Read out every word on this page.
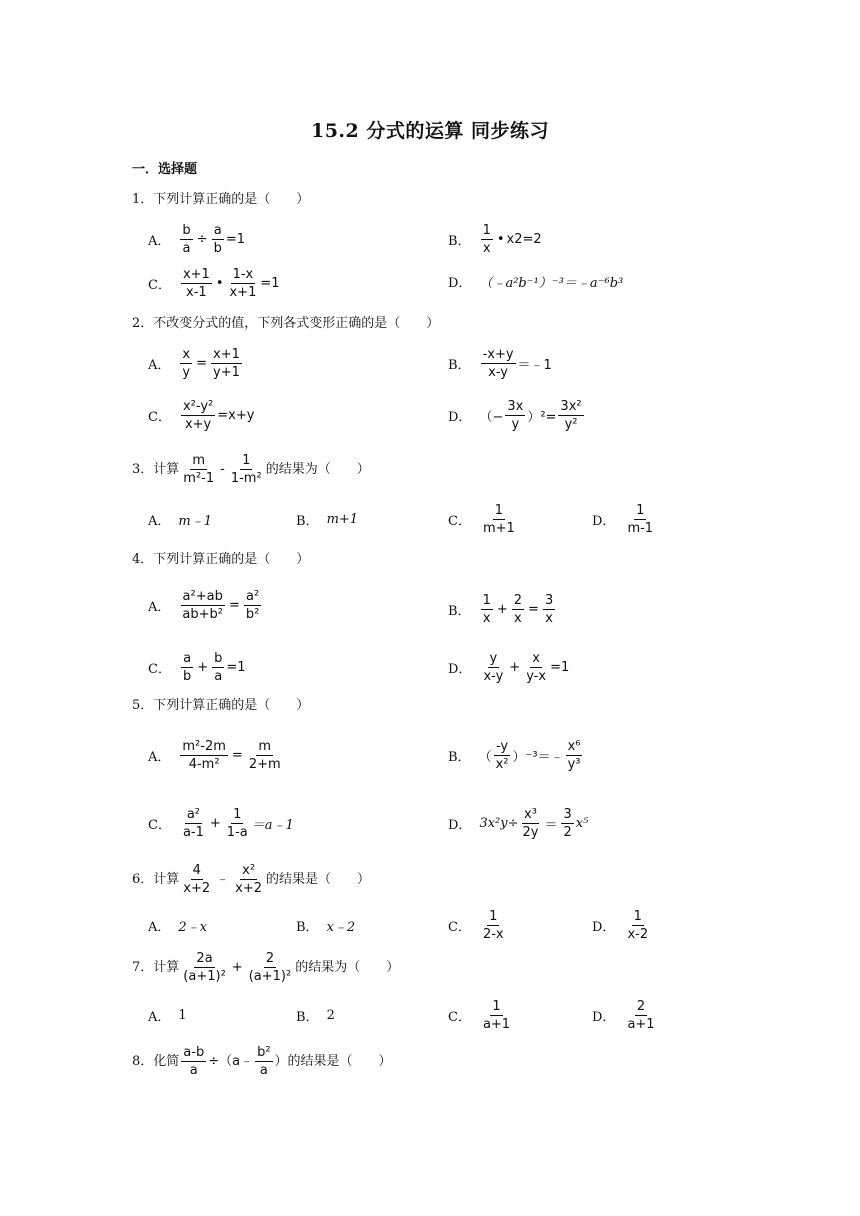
15.2 分式的运算 同步练习
一．选择题
1．下列计算正确的是（　　）
A． $\frac{b}{a} \div \frac{a}{b} =1$	B． $\frac{1}{x}$ • x 2 =2
C． $\frac{x+1}{x-1}$ • $\frac{1-x}{x+1} =1$	D． （﹣a²b⁻¹）⁻³＝﹣a⁻⁶b³
2．不改变分式的值，下列各式变形正确的是（　　）
A． $\frac{x}{y} = \frac{x+1}{y+1}$	B． $\frac{-x+y}{x-y}$ ＝﹣1
C． $\frac{\text{x²-y²}}{x+y} =x+y$	D． （− $\frac{3x}{y} )^2= \frac{\text{3x²}}{\text{y²}}$
3． 计算 $\frac{m}{\text{m²-1}} - \frac{1}{\text{1-m²}}$ 的结果为（　　）
A． m﹣1	B． m+1	C． $\frac{1}{m+1}$	D． $\frac{1}{m-1}$
4．下列计算正确的是（　　）
A． $\frac{\text{a²+ab}}{\text{ab+b²}} = \frac{\text{a²}}{\text{b²}}$	B． $\frac{1}{x} + \frac{2}{x} = \frac{3}{x}$
C． $\frac{a}{b} + \frac{b}{a} =1$	D． $\frac{y}{x-y} + \frac{x}{y-x} =1$
5．下列计算正确的是（　　）
A． $\frac{\text{m²-2m}}{\text{4-m²}} = \frac{m}{2+m}$	B． （ $\frac{-y}{\text{x²}}$ ）⁻³＝﹣ $\frac{\text{x⁶}}{\text{y³}}$
C． $\frac{\text{a²}}{a-1} + \frac{1}{1-a}$ ＝a﹣1	D． $3x^2y\div \frac{\text{x³}}{2y} = \frac{3}{2} x^5$
6． 计算 $\frac{4}{x+2}$ ﹣ $\frac{\text{x²}}{x+2}$ 的结果是（　　）
A． 2﹣x	B． x﹣2	C． $\frac{1}{2-x}$	D． $\frac{1}{x-2}$
7． 计算 $\frac{2a}{\text{(a+1)²}} + \frac{2}{\text{(a+1)²}}$ 的结果为（　　）
A． 1	B． 2	C． $\frac{1}{a+1}$	D． $\frac{2}{a+1}$
8． 化简 $\frac{a-b}{a}$ ÷（a﹣ $\frac{\text{b²}}{a}$ ）的结果是（　　）
